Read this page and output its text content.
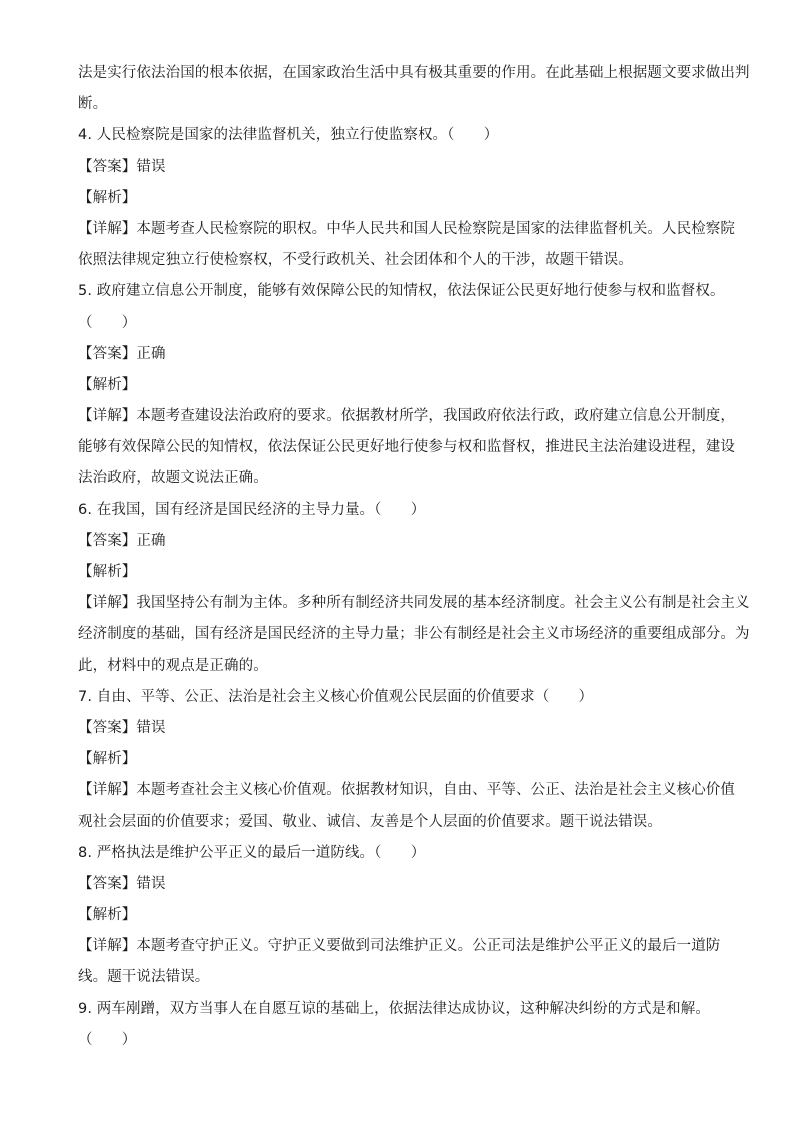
法是实行依法治国的根本依据，在国家政治生活中具有极其重要的作用。在此基础上根据题文要求做出判
断。
4. 人民检察院是国家的法律监督机关，独立行使监察权。（　　）
【答案】错误
【解析】
【详解】本题考查人民检察院的职权。中华人民共和国人民检察院是国家的法律监督机关。人民检察院
依照法律规定独立行使检察权，不受行政机关、社会团体和个人的干涉，故题干错误。
5. 政府建立信息公开制度，能够有效保障公民的知情权，依法保证公民更好地行使参与权和监督权。
（　　）
【答案】正确
【解析】
【详解】本题考查建设法治政府的要求。依据教材所学，我国政府依法行政，政府建立信息公开制度，
能够有效保障公民的知情权，依法保证公民更好地行使参与权和监督权，推进民主法治建设进程，建设
法治政府，故题文说法正确。
6. 在我国，国有经济是国民经济的主导力量。（　　）
【答案】正确
【解析】
【详解】我国坚持公有制为主体。多种所有制经济共同发展的基本经济制度。社会主义公有制是社会主义
经济制度的基础，国有经济是国民经济的主导力量；非公有制经是社会主义市场经济的重要组成部分。为
此，材料中的观点是正确的。
7. 自由、平等、公正、法治是社会主义核心价值观公民层面的价值要求（　　）
【答案】错误
【解析】
【详解】本题考查社会主义核心价值观。依据教材知识，自由、平等、公正、法治是社会主义核心价值
观社会层面的价值要求；爱国、敬业、诚信、友善是个人层面的价值要求。题干说法错误。
8. 严格执法是维护公平正义的最后一道防线。（　　）
【答案】错误
【解析】
【详解】本题考查守护正义。守护正义要做到司法维护正义。公正司法是维护公平正义的最后一道防
线。题干说法错误。
9. 两车剐蹭，双方当事人在自愿互谅的基础上，依据法律达成协议，这种解决纠纷的方式是和解。
（　　）
